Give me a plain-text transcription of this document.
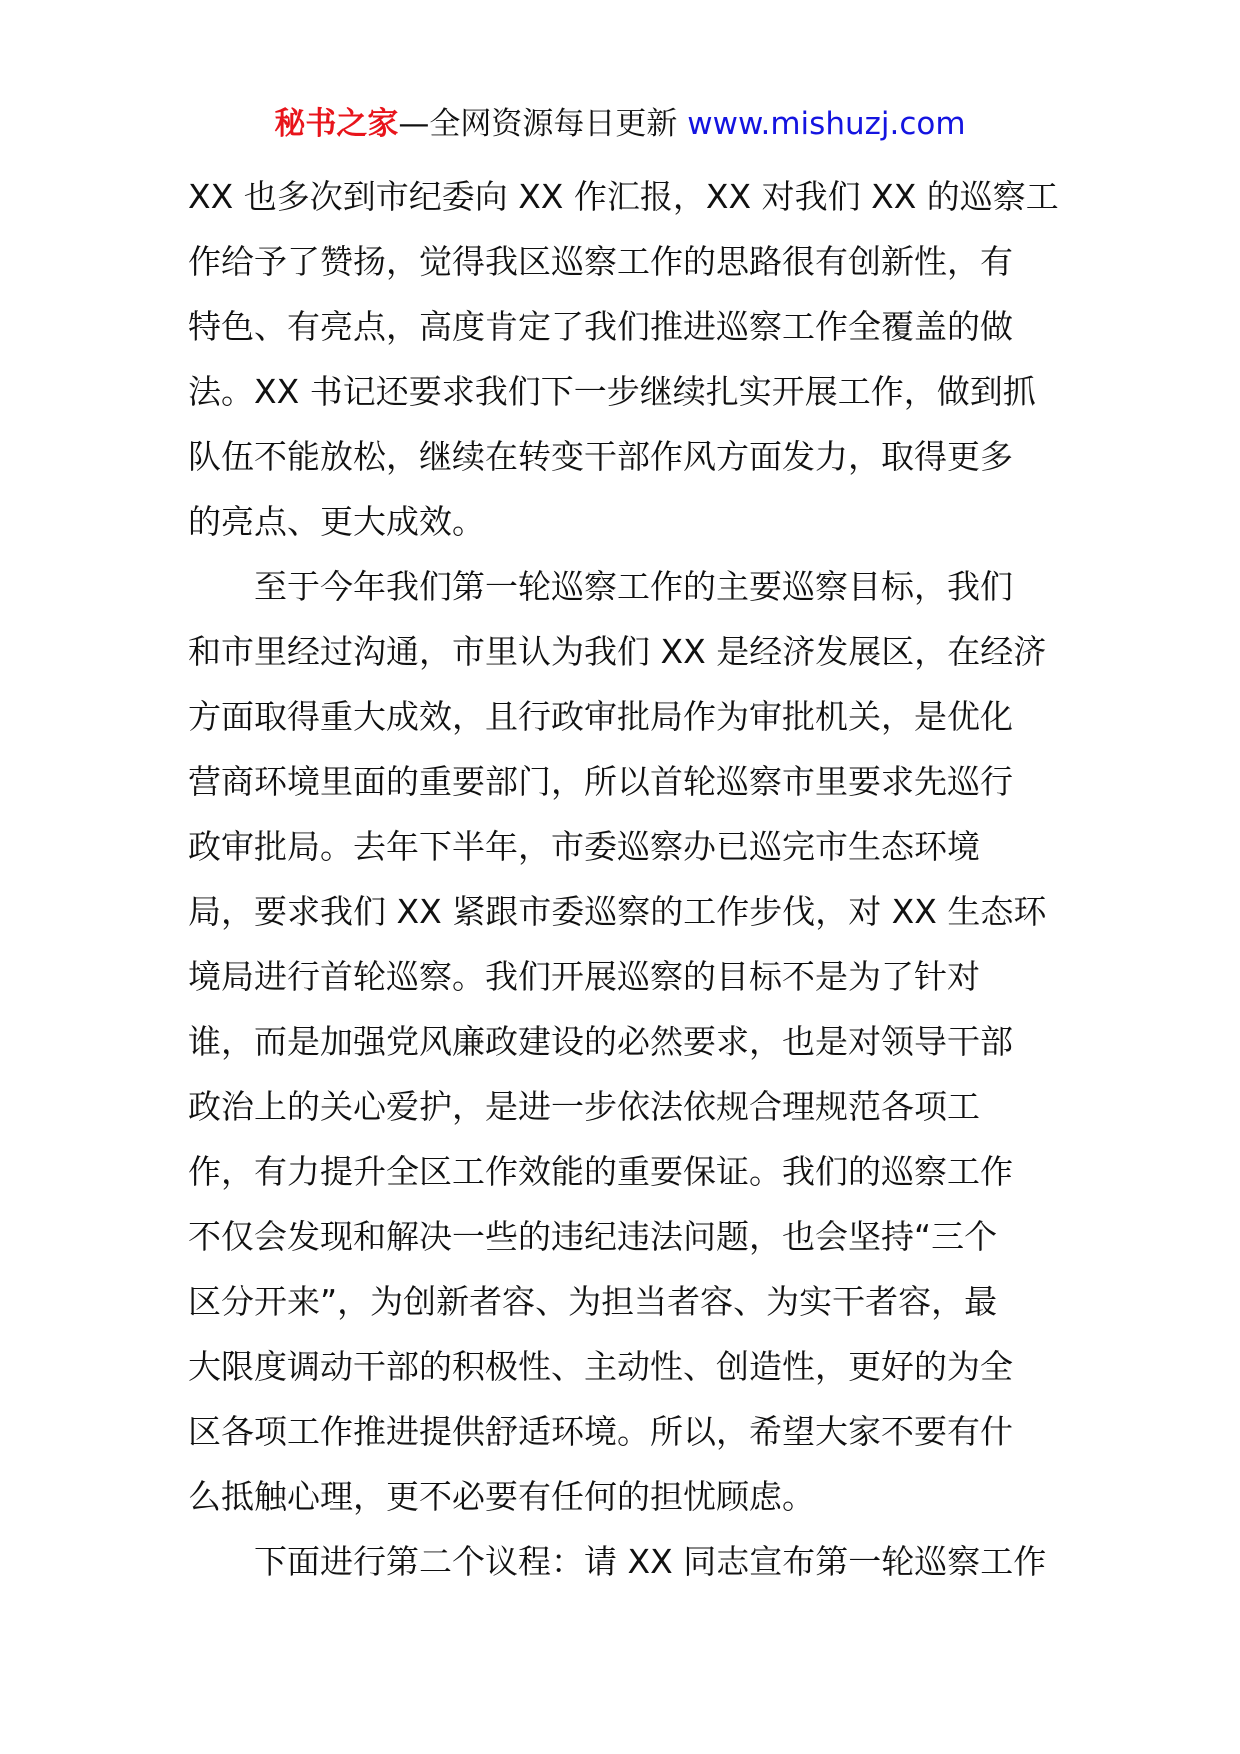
秘书之家—全网资源每日更新 www.mishuzj.com
XX 也多次到市纪委向 XX 作汇报，XX 对我们 XX 的巡察工
作给予了赞扬，觉得我区巡察工作的思路很有创新性，有
特色、有亮点，高度肯定了我们推进巡察工作全覆盖的做
法。XX 书记还要求我们下一步继续扎实开展工作，做到抓
队伍不能放松，继续在转变干部作风方面发力，取得更多
的亮点、更大成效。
至于今年我们第一轮巡察工作的主要巡察目标，我们
和市里经过沟通，市里认为我们 XX 是经济发展区，在经济
方面取得重大成效，且行政审批局作为审批机关，是优化
营商环境里面的重要部门，所以首轮巡察市里要求先巡行
政审批局。去年下半年，市委巡察办已巡完市生态环境
局，要求我们 XX 紧跟市委巡察的工作步伐，对 XX 生态环
境局进行首轮巡察。我们开展巡察的目标不是为了针对
谁，而是加强党风廉政建设的必然要求，也是对领导干部
政治上的关心爱护，是进一步依法依规合理规范各项工
作，有力提升全区工作效能的重要保证。我们的巡察工作
不仅会发现和解决一些的违纪违法问题，也会坚持“三个
区分开来”，为创新者容、为担当者容、为实干者容，最
大限度调动干部的积极性、主动性、创造性，更好的为全
区各项工作推进提供舒适环境。所以，希望大家不要有什
么抵触心理，更不必要有任何的担忧顾虑。
下面进行第二个议程：请 XX 同志宣布第一轮巡察工作
